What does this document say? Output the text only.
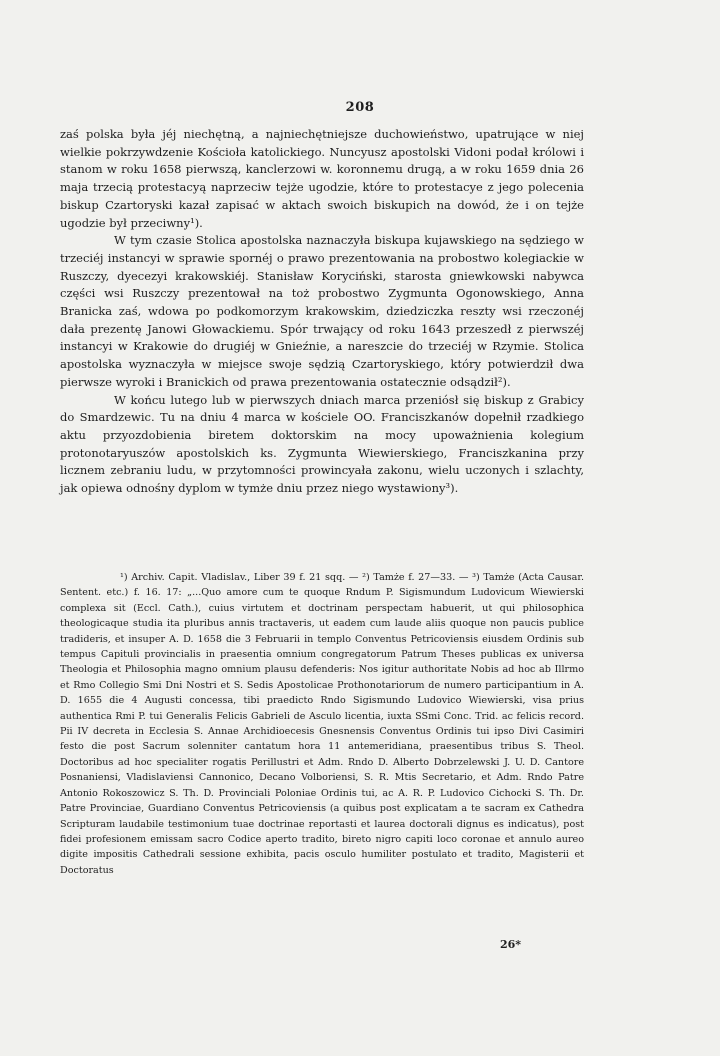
208

zaś polska była jéj niechętną, a najniechętniejsze duchowieństwo, upatrujące w niej wielkie pokrzywdzenie Kościoła katolickiego. Nuncyusz apostolski Vidoni podał królowi i stanom w roku 1658 pierwszą, kanclerzowi w. koronnemu drugą, a w roku 1659 dnia 26 maja trzecią protestacyą naprzeciw tejże ugodzie, które to protestacye z jego polecenia biskup Czartoryski kazał zapisać w aktach swoich biskupich na dowód, że i on tejże ugodzie był przeciwny¹).

W tym czasie Stolica apostolska naznaczyła biskupa kujawskiego na sędziego w trzeciéj instancyi w sprawie spornéj o prawo prezentowania na probostwo kolegiackie w Ruszczy, dyecezyi krakowskiéj. Stanisław Koryciński, starosta gniewkowski nabywca części wsi Ruszczy prezentował na toż probostwo Zygmunta Ogonowskiego, Anna Branicka zaś, wdowa po podkomorzym krakowskim, dziedziczka reszty wsi rzeczonéj dała prezentę Janowi Głowackiemu. Spór trwający od roku 1643 przeszedł z pierwszéj instancyi w Krakowie do drugiéj w Gnieźnie, a nareszcie do trzeciéj w Rzymie. Stolica apostolska wyznaczyła w miejsce swoje sędzią Czartoryskiego, który potwierdził dwa pierwsze wyroki i Branickich od prawa prezentowania ostatecznie odsądził²).

W końcu lutego lub w pierwszych dniach marca przeniósł się biskup z Grabicy do Smardzewic. Tu na dniu 4 marca w kościele OO. Franciszkanów dopełnił rzadkiego aktu przyozdobienia biretem doktorskim na mocy upoważnienia kolegium protonotaryuszów apostolskich ks. Zygmunta Wiewierskiego, Franciszkanina przy licznem zebraniu ludu, w przytomności prowincyała zakonu, wielu uczonych i szlachty, jak opiewa odnośny dyplom w tymże dniu przez niego wystawiony³).

¹) Archiv. Capit. Vladislav., Liber 39 f. 21 sqq. — ²) Tamże f. 27—33. — ³) Tamże (Acta Causar. Sentent. etc.) f. 16. 17: „...Quo amore cum te quoque Rndum P. Sigismundum Ludovicum Wiewierski complexa sit (Eccl. Cath.), cuius virtutem et doctrinam perspectam habuerit, ut qui philosophica theologicaque studia ita pluribus annis tractaveris, ut eadem cum laude aliis quoque non paucis publice tradideris, et insuper A. D. 1658 die 3 Februarii in templo Conventus Petricoviensis eiusdem Ordinis sub tempus Capituli provincialis in praesentia omnium congregatorum Patrum Theses publicas ex universa Theologia et Philosophia magno omnium plausu defenderis: Nos igitur authoritate Nobis ad hoc ab Illrmo et Rmo Collegio Smi Dni Nostri et S. Sedis Apostolicae Prothonotariorum de numero participantium in A. D. 1655 die 4 Augusti concessa, tibi praedicto Rndo Sigismundo Ludovico Wiewierski, visa prius authentica Rmi P. tui Generalis Felicis Gabrieli de Asculo licentia, iuxta SSmi Conc. Trid. ac felicis record. Pii IV decreta in Ecclesia S. Annae Archidioecesis Gnesnensis Conventus Ordinis tui ipso Divi Casimiri festo die post Sacrum solenniter cantatum hora 11 antemeridiana, praesentibus tribus S. Theol. Doctoribus ad hoc specialiter rogatis Perillustri et Adm. Rndo D. Alberto Dobrzelewski J. U. D. Cantore Posnaniensi, Vladislaviensi Cannonico, Decano Volboriensi, S. R. Mtis Secretario, et Adm. Rndo Patre Antonio Rokoszowicz S. Th. D. Provinciali Poloniae Ordinis tui, ac A. R. P. Ludovico Cichocki S. Th. Dr. Patre Provinciae, Guardiano Conventus Petricoviensis (a quibus post explicatam a te sacram ex Cathedra Scripturam laudabile testimonium tuae doctrinae reportasti et laurea doctorali dignus es indicatus), post fidei profesionem emissam sacro Codice aperto tradito, bireto nigro capiti loco coronae et annulo aureo digite impositis Cathedrali sessione exhibita, pacis osculo humiliter postulato et tradito, Magisterii et Doctoratus

26*
